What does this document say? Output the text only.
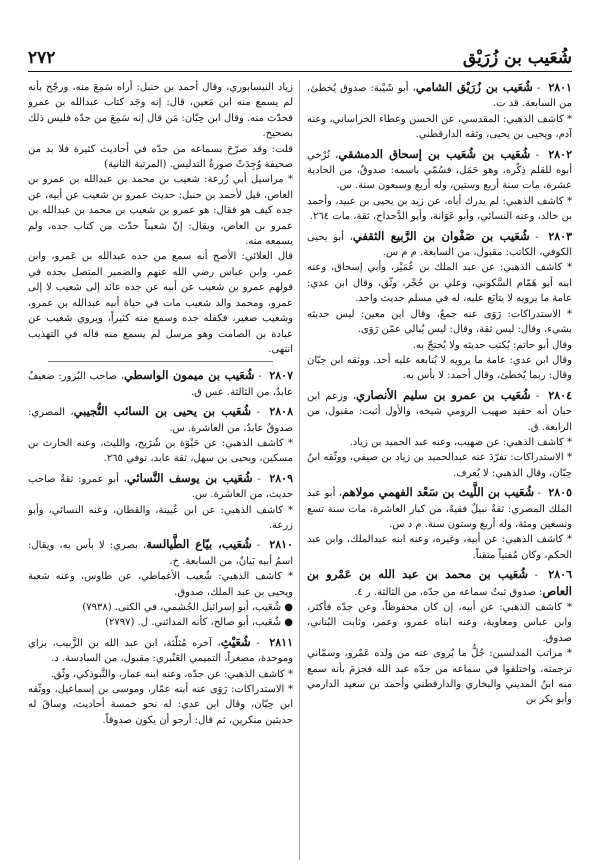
شُعَيب بن زُرَيْق
٢٧٢

٢٨٠١ - شُعَيب بن زُرَيْق الشامي، أبو شَيْبة: صدوق يُخطئ، من السابعة. قد ت.

* كاشف الذهبي: المقدسي، عن الحسن وعطاء الخراساني، وعنه آدم، ويحيى بن يحيى، وثقه الدارقطني.

٢٨٠٢ - شُعَيب بن شُعَيب بن إسحاق الدمشقي، نُرْخي أبوه للقلم ذِكْره، وهو حَمَل، فسُمّي باسمه: صدوقٌ، من الحادية عشرة، مات سنة أربع وستين، وله أربع وسبعون سنة. س.

* كاشف الذهبي: لم يدرك أباه، عن زيد بن يحيى بن عبيد، وأحمد بن خالد، وعنه النسائي، وأبو عَوَانة، وأبو الدَّحداح، ثقة، مات ٢٦٤.

٢٨٠٣ - شُعَيب بن صَفْوان بن الرَّبيع الثقفي، أبو يحيى الكوفي، الكاتب: مقبول، من السابعة. م م س.

* كاشف الذهبي: عن عبد الملك بن عُمَيْر، وأبي إسحاق، وعنه ابنه أبو هَمّام السَّكوني، وعلي بن حُجْر، وثّق، وقال ابن عدي: عامة ما يرويه لا يتابَع عليه، له في مسلم حديث واحد.

* الاستدراكات: رَوَى عنه جمعٌ، وقال ابن معين: ليس حديثه بشيء، وقال: ليس ثقة، وقال: ليس يُبالي عمّن رَوَى.

وقال أبو حاتم: يُكتب حديثه ولا يُحتجّ به.

وقال ابن عدي: عامة ما يرويه لا يُتابعه عليه أحد. ووثقه ابن حِبّان وقال: ربما يُخطئ، وقال أحمد: لا بأس به.

٢٨٠٤ - شُعَيب بن عمرو بن سليم الأنصاري، وزعم ابن حبان أنه حفيد صهيب الرومي شيخه، والأول أثبت: مقبول، من الرابعة. ق.

* كاشف الذهبي: عن صهيب، وعنه عبد الحميد بن زياد.

* الاستدراكات: تفرّدَ عنه عبدالحميد بن زياد بن صيفي، ووثّقه ابنُ حِبّان، وقال الذهبي: لا يُعرف.

٢٨٠٥ - شُعَيب بن اللَّيث بن سَعْد الفهمي مولاهم، أبو عبد الملك المصري: ثقةٌ نبيلٌ فقيهٌ، من كبار العاشرة، مات سنة تسع وتسعين ومئة، وله أربع وستون سنة. م د س.

* كاشف الذهبي: عن أبيه، وغيره، وعنه ابنه عبدالملك، وابن عبد الحكم، وكان مُفتياً متقناً.

٢٨٠٦ - شُعَيب بن محمد بن عبد الله بن عَمْرو بن العاص: صدوق ثبتٌ سماعه من جدّه، من الثالثة. ر ٤.

* كاشف الذهبي: عن أبيه، إن كان محفوظاً، وعن جدّه فأكثر، وابن عباس ومعاوية، وعنه ابناه عمرو، وعمر، وثابت البُناني، صدوق.

* مراتب المدلسين: جُلُّ ما يُروى عنه من ولده عَمْرو، وسمّاني ترجمته، واختلفوا في سماعه من جدّه عبد الله فجزمَ بأنه سمع منه ابنُ المديني والبخاري والدارقطني وأحمد بن سعيد الدارمي وأبو بكر بن

زياد النيسابوري، وقال أحمد بن حنبل: أراه سَمِعَ منه، ورجّح بأنه لم يسمع منه ابن مَعين، قال: إنه وجَد كتاب عبدالله بن عمرو فحدّث منه. وقال ابن حِبّان: مَن قال إنه سَمِعَ من جدّه فليس ذلك بصحيح.

قلت: وقد صرّحَ بسماعه من جدّه في أحاديث كثيرة فلا بد من صحيفة وُجِدَتْ صورةُ التدليس. (المرتبة الثانية)

* مراسيل أبي زُرعة: شعيب بن محمد بن عبدالله بن عمرو بن العاص، قيل لأحمد بن حنبل: حديث عمرو بن شعيب عن أبيه، عن جده كيف هو فقال: هو عمرو بن شعيب بن محمد بن عبدالله بن عمرو بن العاص، ويقال: إنّ شعيباً حدّث من كتاب جده، ولم يسمعه منه.

قال العلائي: الأصح أنه سمع من جده عبدالله بن عَمرو، وابن عمر، وابن عباس رضي الله عنهم والضمير المتصل بجده في قولهم عمرو بن شعيب عن أبيه عن جده عائد إلى شعيب لا إلى عمرو، ومحمد والد شعيب مات في حياة أبيه عبدالله بن عمرو، وشعيب صغير، فكفله جده وسمع منه كثيراً، ويروي شعيب عن عبادة بن الصامت وهو مرسل لم يسمع منه قاله في التهذيب انتهى.

٢٨٠٧ - شُعَيب بن ميمون الواسطي، صاحب البُزور: ضعيفٌ عابدٌ، من الثالثة. عس ق.

٢٨٠٨ - شُعَيب بن يحيى بن السائب التُّجيبي، المصري: صدوقٌ عابدٌ، من العاشرة. س.

* كاشف الذهبي: عن حَيْوَة بن شُرَيح، والليث، وعنه الحارث بن مسكين، ويحيى بن سهل، ثقة عابد، توفي ٢٦٥.

٢٨٠٩ - شُعَيب بن يوسف النَّسائي، أبو عمرو: ثقةٌ صاحب حديث، من العاشرة. س.

* كاشف الذهبي: عن ابن عُيينة، والقطان، وعنه النسائي، وأبو زرعة.

٢٨١٠ - شُعَيب، بيّاع الطَّيالسة، بصري: لا بأس به، ويقال: اسمُ أبيه بَيانٌ، من السابعة. خ.

* كاشف الذهبي: شُعيب الأغماطي، عن طاوس، وعنه شعبة ويحيى بن عبد الملك، صدوق.

● شُعَيب، أبو إسرائيل الجُشمي، في الكنى. (٧٩٣٨)

● شُعَيب، أبو صالح، كأنه المدائني. ل. (٢٧٩٧)

٢٨١١ - شُعَيْثِ، آخره مُثلّثة، ابن عبد الله بن الزَّبيب، بزاي وموحدة، مصغراً، التميمي العَنْبري: مقبول، من السادسة. د.

* كاشف الذهبي: عن جدّه، وعنه ابنه عمار، والتَّبوذكي، وثّق.

* الاستدراكات: رَوَى عنه أبنه عمّار، وموسى بن إسماعيل، ووثّقه ابن حِبّان، وقال ابن عدي: له نحو خمسة أحاديث، وساقَ له حديثين منكرين، ثم قال: أرجو أن يكون صدوقاً.
